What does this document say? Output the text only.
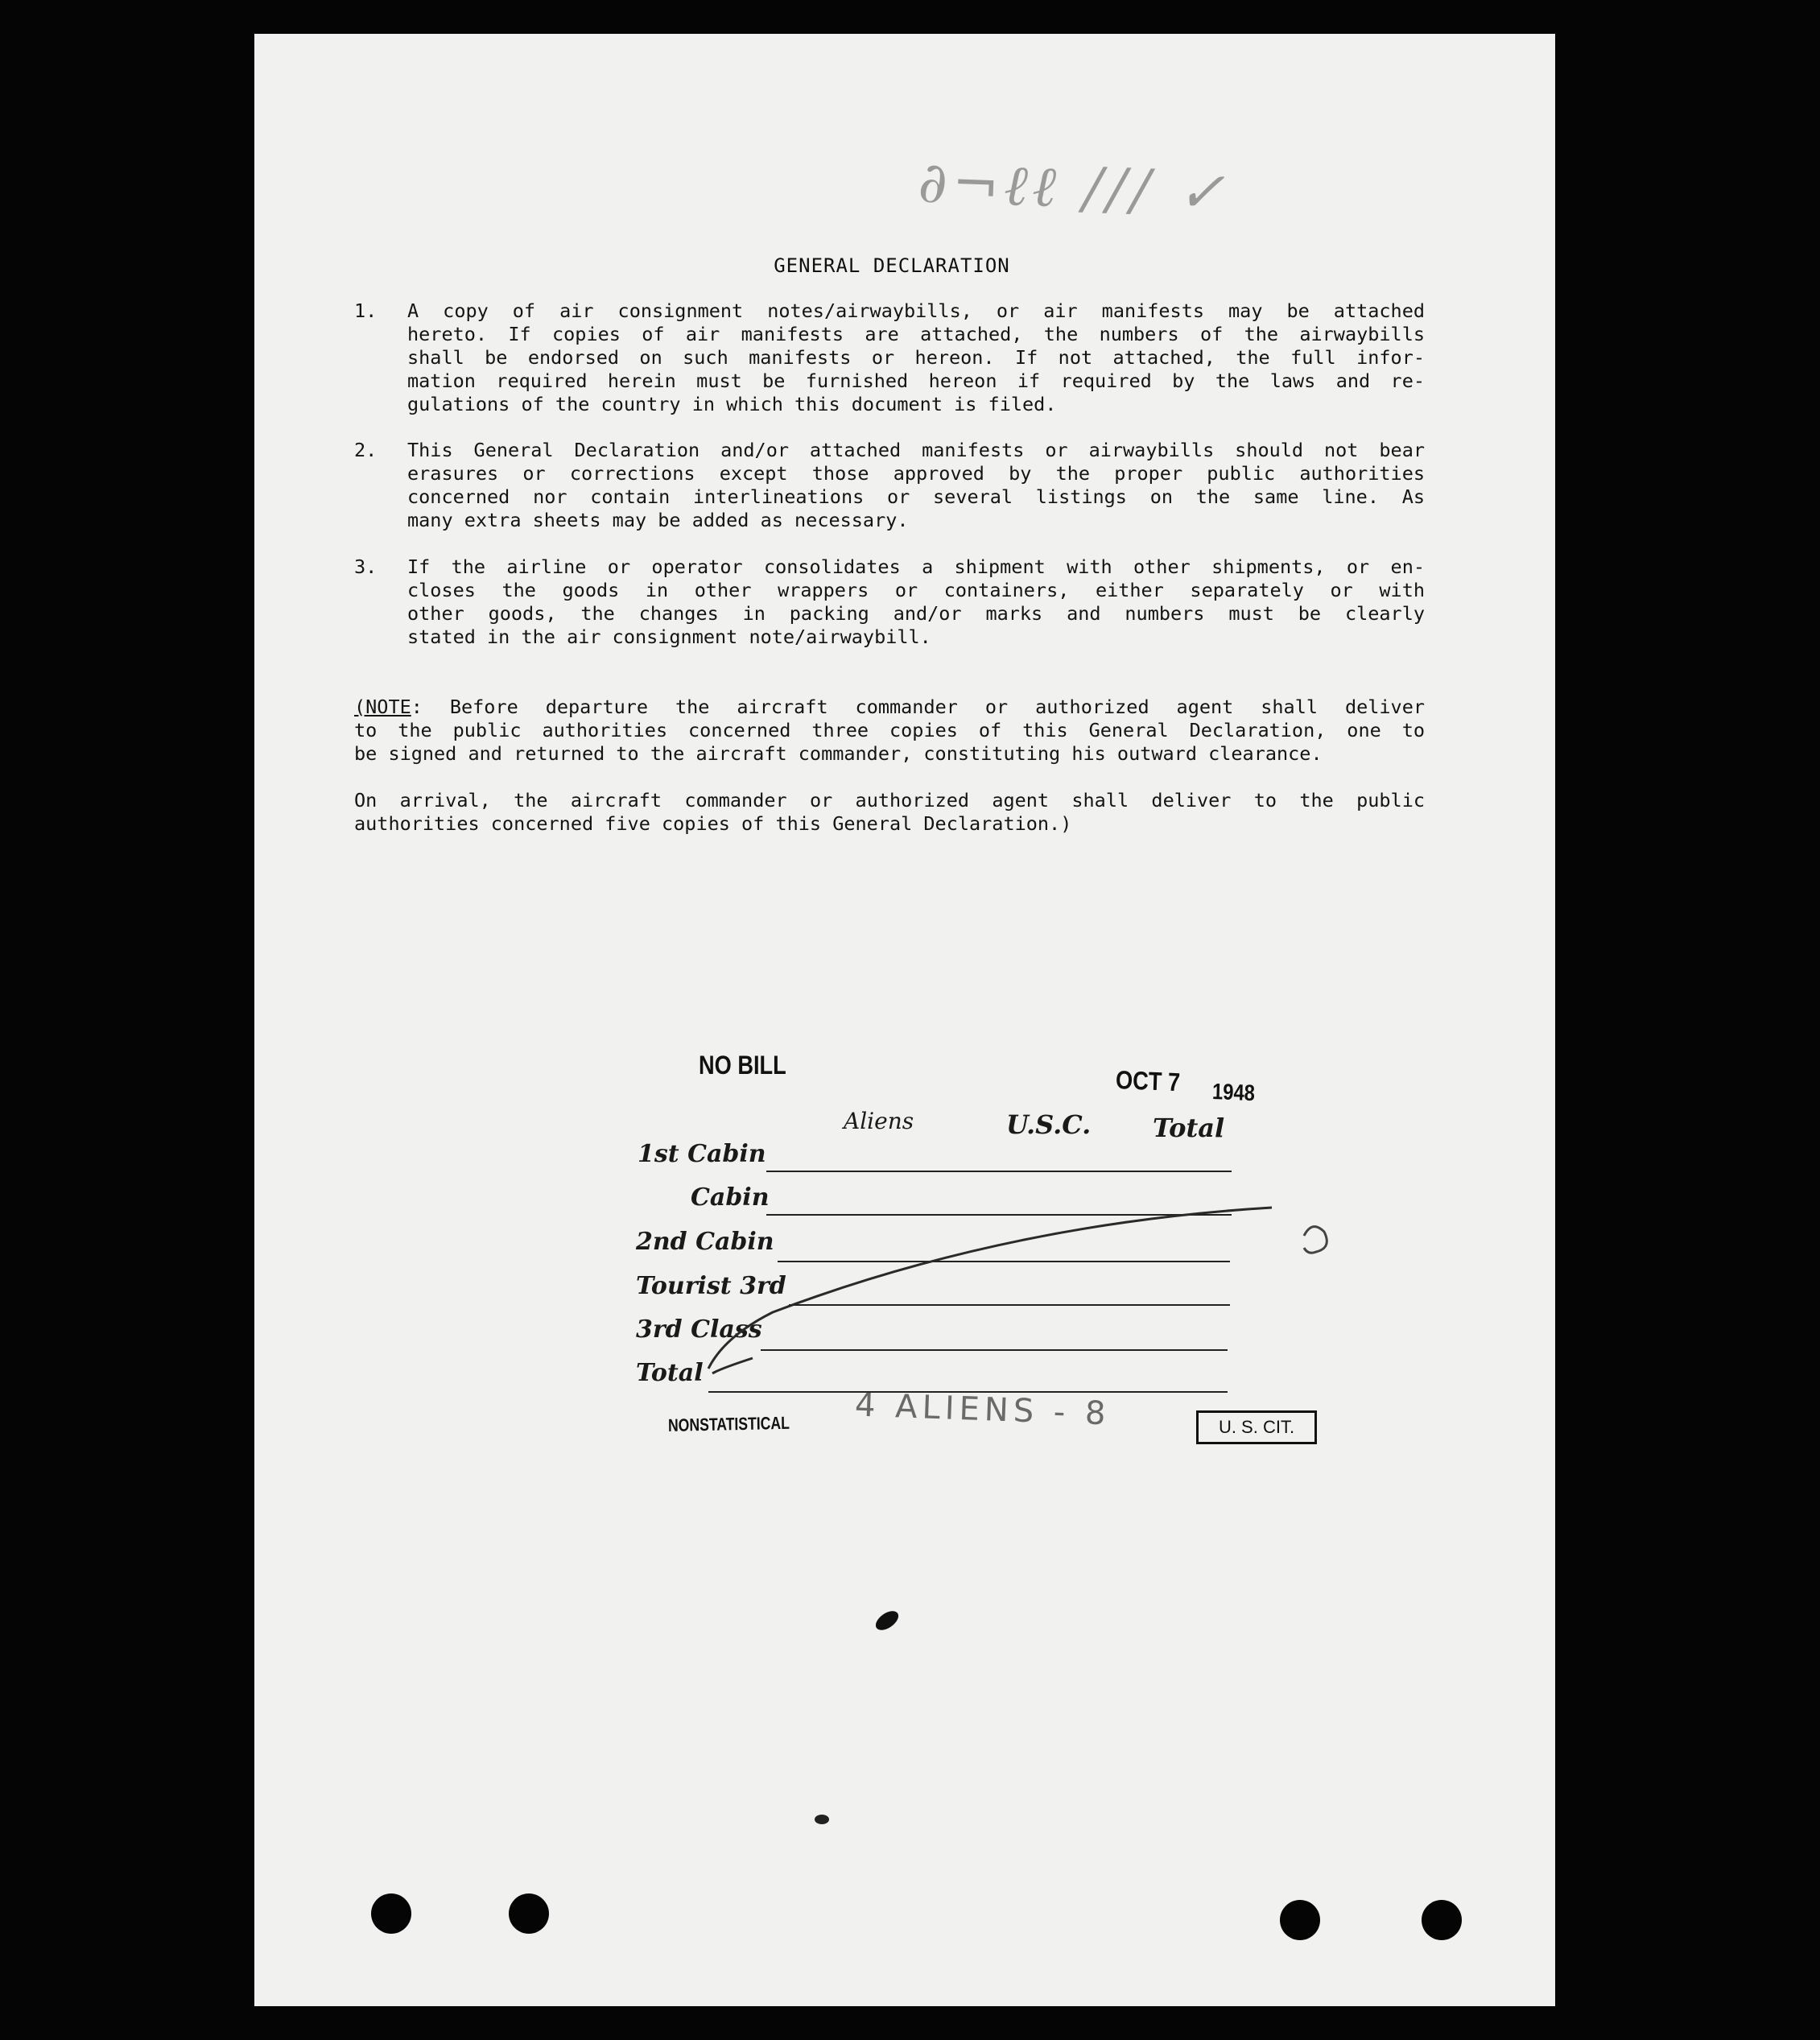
∂¬ℓℓ ∕∕∕ ✓
GENERAL DECLARATION
1. A copy of air consignment notes/airwaybills, or air manifests may be attached
hereto. If copies of air manifests are attached, the numbers of the airwaybills
shall be endorsed on such manifests or hereon. If not attached, the full infor-
mation required herein must be furnished hereon if required by the laws and re-
gulations of the country in which this document is filed.
2. This General Declaration and/or attached manifests or airwaybills should not bear
erasures or corrections except those approved by the proper public authorities
concerned nor contain interlineations or several listings on the same line. As
many extra sheets may be added as necessary.
3. If the airline or operator consolidates a shipment with other shipments, or en-
closes the goods in other wrappers or containers, either separately or with
other goods, the changes in packing and/or marks and numbers must be clearly
stated in the air consignment note/airwaybill.
(NOTE: Before departure the aircraft commander or authorized agent shall deliver
to the public authorities concerned three copies of this General Declaration, one to
be signed and returned to the aircraft commander, constituting his outward clearance.
On arrival, the aircraft commander or authorized agent shall deliver to the public
authorities concerned five copies of this General Declaration.)
NO BILL
OCT 7 1948
Aliens	U.S.C. Total
1st Cabin
Cabin
2nd Cabin
Tourist 3rd
3rd Class
Total
NONSTATISTICAL 4 ALIENS - 8	U. S. CIT.
